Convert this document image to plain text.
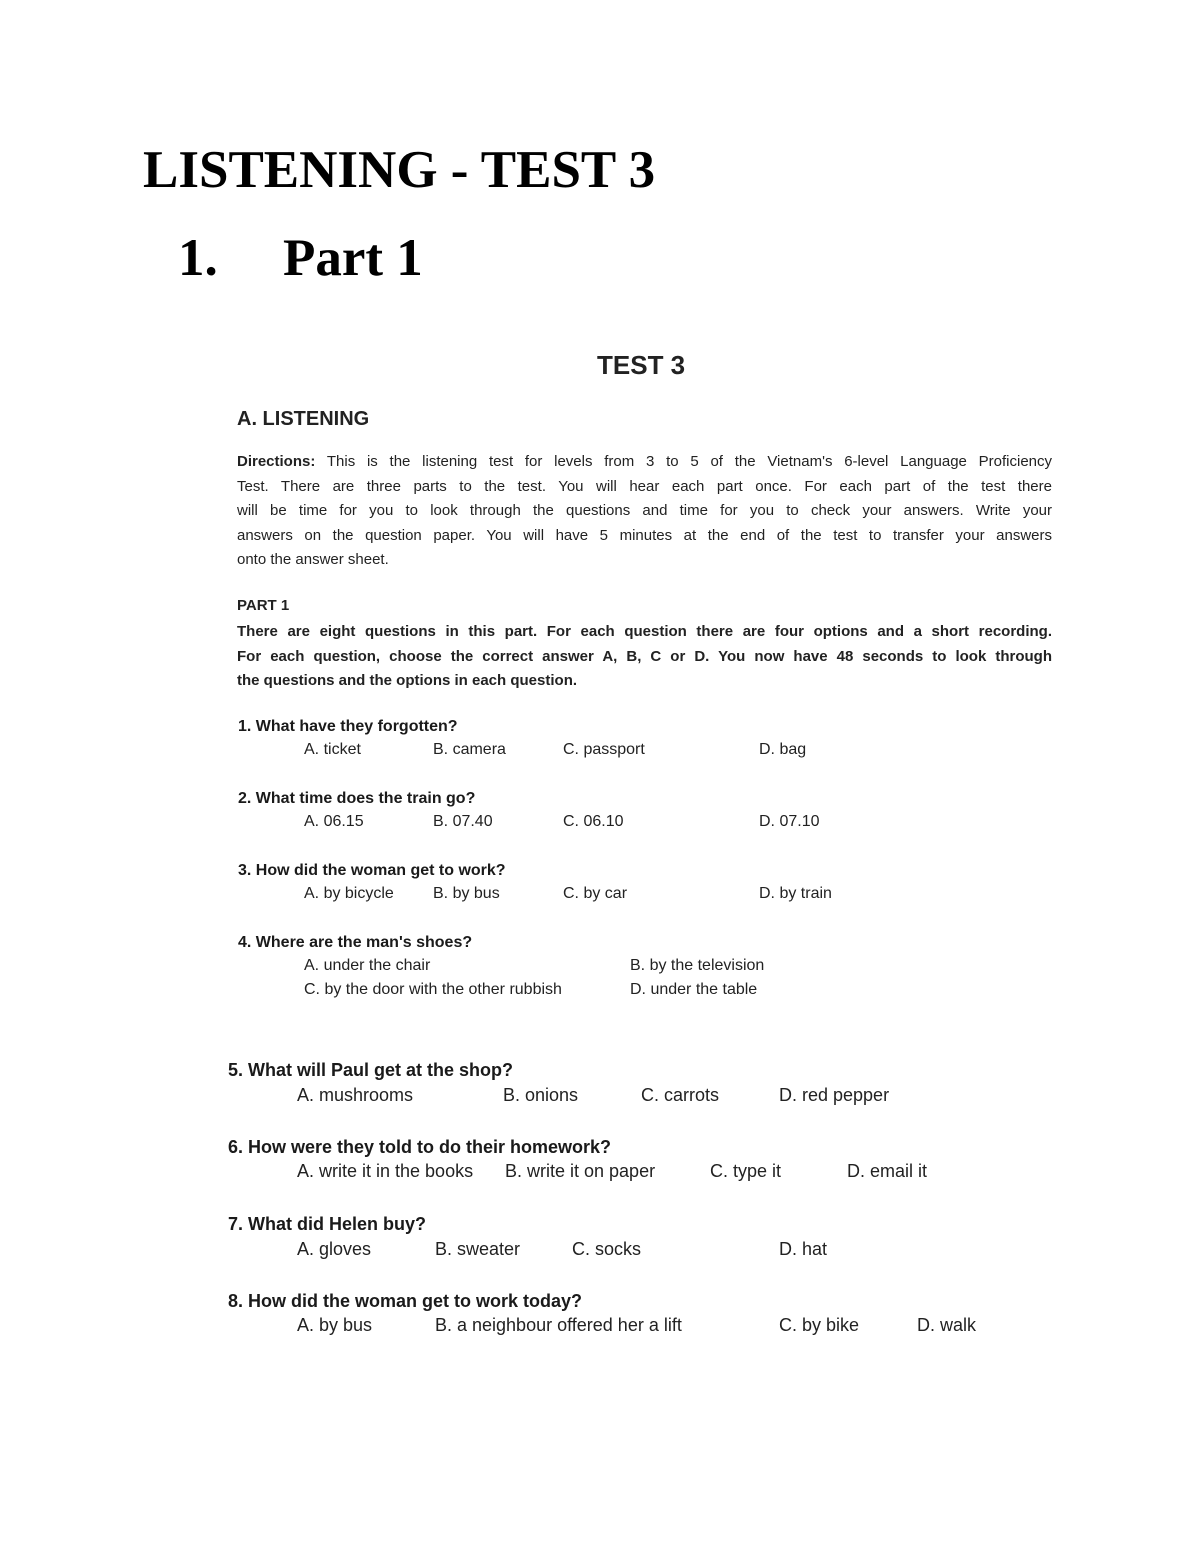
LISTENING - TEST 3
1. Part 1
TEST 3
A. LISTENING
Directions: This is the listening test for levels from 3 to 5 of the Vietnam's 6-level Language Proficiency
Test. There are three parts to the test. You will hear each part once. For each part of the test there
will be time for you to look through the questions and time for you to check your answers. Write your
answers on the question paper. You will have 5 minutes at the end of the test to transfer your answers
onto the answer sheet.
PART 1
There are eight questions in this part. For each question there are four options and a short recording.
For each question, choose the correct answer A, B, C or D. You now have 48 seconds to look through
the questions and the options in each question.
1. What have they forgotten?
A. ticket	B. camera	C. passport	D. bag
2. What time does the train go?
A. 06.15	B. 07.40	C. 06.10	D. 07.10
3. How did the woman get to work?
A. by bicycle B. by bus	C. by car	D. by train
4. Where are the man's shoes?
A. under the chair	B. by the television
C. by the door with the other rubbish	D. under the table
5. What will Paul get at the shop?
A. mushrooms	B. onions	C. carrots	D. red pepper
6. How were they told to do their homework?
A. write it in the books B. write it on paper	C. type it	D. email it
7. What did Helen buy?
A. gloves	B. sweater	C. socks	D. hat
8. How did the woman get to work today?
A. by bus	B. a neighbour offered her a lift	C. by bike	D. walk
